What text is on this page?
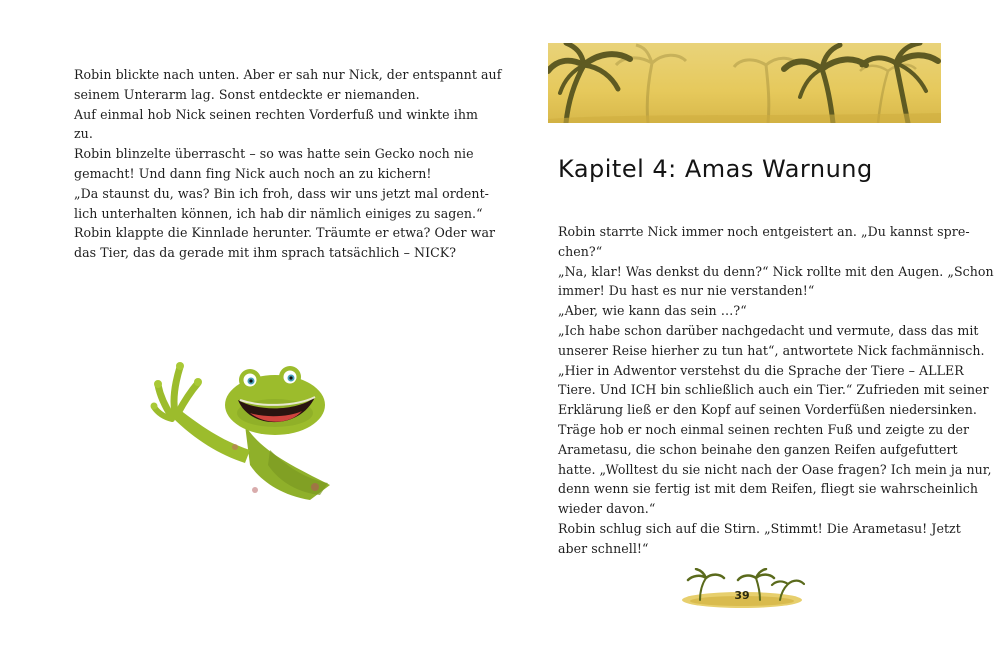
Robin blickte nach unten. Aber er sah nur Nick, der entspannt auf

seinem Unterarm lag. Sonst entdeckte er niemanden.

Auf einmal hob Nick seinen rechten Vorderfuß und winkte ihm

zu.

Robin blinzelte überrascht – so was hatte sein Gecko noch nie

gemacht! Und dann fing Nick auch noch an zu kichern!

„Da staunst du, was? Bin ich froh, dass wir uns jetzt mal ordent-

lich unterhalten können, ich hab dir nämlich einiges zu sagen.“

Robin klappte die Kinnlade herunter. Träumte er etwa? Oder war

das Tier, das da gerade mit ihm sprach tatsächlich – NICK?

Kapitel 4: Amas Warnung

Robin starrte Nick immer noch entgeistert an. „Du kannst spre-

chen?“

„Na, klar! Was denkst du denn?“ Nick rollte mit den Augen. „Schon

immer! Du hast es nur nie verstanden!“

„Aber, wie kann das sein …?“

„Ich habe schon darüber nachgedacht und vermute, dass das mit

unserer Reise hierher zu tun hat“, antwortete Nick fachmännisch.

„Hier in Adwentor verstehst du die Sprache der Tiere – ALLER

Tiere. Und ICH bin schließlich auch ein Tier.“ Zufrieden mit seiner

Erklärung ließ er den Kopf auf seinen Vorderfüßen niedersinken.

Träge hob er noch einmal seinen rechten Fuß und zeigte zu der

Arametasu, die schon beinahe den ganzen Reifen aufgefuttert

hatte. „Wolltest du sie nicht nach der Oase fragen? Ich mein ja nur,

denn wenn sie fertig ist mit dem Reifen, fliegt sie wahrscheinlich

wieder davon.“

Robin schlug sich auf die Stirn. „Stimmt! Die Arametasu! Jetzt

aber schnell!“

39
